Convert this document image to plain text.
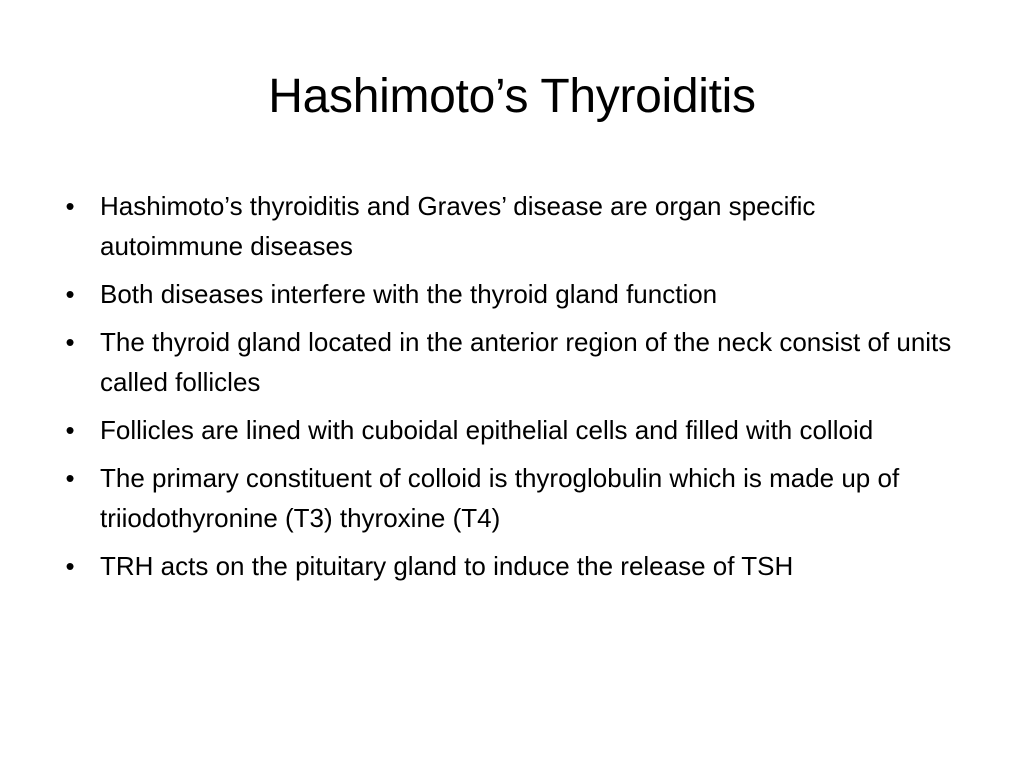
Hashimoto’s Thyroiditis
• Hashimoto’s thyroiditis and Graves’ disease are organ specific autoimmune diseases
• Both diseases interfere with the thyroid gland function
• The thyroid gland located in the anterior region of the neck consist of units called follicles
• Follicles are lined with cuboidal epithelial cells and filled with colloid
• The primary constituent of colloid is thyroglobulin which is made up of triiodothyronine (T3) thyroxine (T4)
• TRH acts on the pituitary gland to induce the release of TSH
